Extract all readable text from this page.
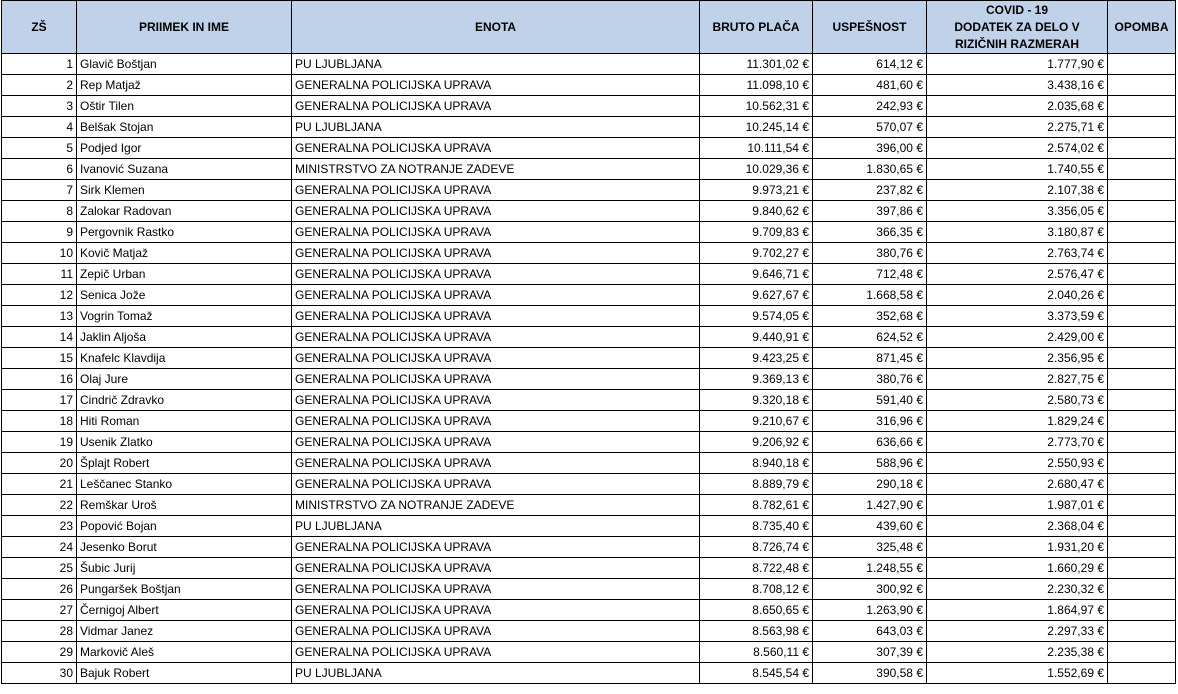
ZŠ	PRIIMEK IN IME	ENOTA	BRUTO PLAČA	USPEŠNOST	COVID - 19
DODATEK ZA DELO V
RIZIČNIH RAZMERAH	OPOMBA
1	Glavič Boštjan	PU LJUBLJANA	11.301,02 €	614,12 €	1.777,90 €	
2	Rep Matjaž	GENERALNA POLICIJSKA UPRAVA	11.098,10 €	481,60 €	3.438,16 €	
3	Oštir Tilen	GENERALNA POLICIJSKA UPRAVA	10.562,31 €	242,93 €	2.035,68 €	
4	Belšak Stojan	PU LJUBLJANA	10.245,14 €	570,07 €	2.275,71 €	
5	Podjed Igor	GENERALNA POLICIJSKA UPRAVA	10.111,54 €	396,00 €	2.574,02 €	
6	Ivanović Suzana	MINISTRSTVO ZA NOTRANJE ZADEVE	10.029,36 €	1.830,65 €	1.740,55 €	
7	Sirk Klemen	GENERALNA POLICIJSKA UPRAVA	9.973,21 €	237,82 €	2.107,38 €	
8	Zalokar Radovan	GENERALNA POLICIJSKA UPRAVA	9.840,62 €	397,86 €	3.356,05 €	
9	Pergovnik Rastko	GENERALNA POLICIJSKA UPRAVA	9.709,83 €	366,35 €	3.180,87 €	
10	Kovič Matjaž	GENERALNA POLICIJSKA UPRAVA	9.702,27 €	380,76 €	2.763,74 €	
11	Zepič Urban	GENERALNA POLICIJSKA UPRAVA	9.646,71 €	712,48 €	2.576,47 €	
12	Senica Jože	GENERALNA POLICIJSKA UPRAVA	9.627,67 €	1.668,58 €	2.040,26 €	
13	Vogrin Tomaž	GENERALNA POLICIJSKA UPRAVA	9.574,05 €	352,68 €	3.373,59 €	
14	Jaklin Aljoša	GENERALNA POLICIJSKA UPRAVA	9.440,91 €	624,52 €	2.429,00 €	
15	Knafelc Klavdija	GENERALNA POLICIJSKA UPRAVA	9.423,25 €	871,45 €	2.356,95 €	
16	Olaj Jure	GENERALNA POLICIJSKA UPRAVA	9.369,13 €	380,76 €	2.827,75 €	
17	Cindrič Zdravko	GENERALNA POLICIJSKA UPRAVA	9.320,18 €	591,40 €	2.580,73 €	
18	Hiti Roman	GENERALNA POLICIJSKA UPRAVA	9.210,67 €	316,96 €	1.829,24 €	
19	Usenik Zlatko	GENERALNA POLICIJSKA UPRAVA	9.206,92 €	636,66 €	2.773,70 €	
20	Šplajt Robert	GENERALNA POLICIJSKA UPRAVA	8.940,18 €	588,96 €	2.550,93 €	
21	Leščanec Stanko	GENERALNA POLICIJSKA UPRAVA	8.889,79 €	290,18 €	2.680,47 €	
22	Remškar Uroš	MINISTRSTVO ZA NOTRANJE ZADEVE	8.782,61 €	1.427,90 €	1.987,01 €	
23	Popović Bojan	PU LJUBLJANA	8.735,40 €	439,60 €	2.368,04 €	
24	Jesenko Borut	GENERALNA POLICIJSKA UPRAVA	8.726,74 €	325,48 €	1.931,20 €	
25	Šubic Jurij	GENERALNA POLICIJSKA UPRAVA	8.722,48 €	1.248,55 €	1.660,29 €	
26	Pungaršek Boštjan	GENERALNA POLICIJSKA UPRAVA	8.708,12 €	300,92 €	2.230,32 €	
27	Černigoj Albert	GENERALNA POLICIJSKA UPRAVA	8.650,65 €	1.263,90 €	1.864,97 €	
28	Vidmar Janez	GENERALNA POLICIJSKA UPRAVA	8.563,98 €	643,03 €	2.297,33 €	
29	Markovič Aleš	GENERALNA POLICIJSKA UPRAVA	8.560,11 €	307,39 €	2.235,38 €	
30	Bajuk Robert	PU LJUBLJANA	8.545,54 €	390,58 €	1.552,69 €	
